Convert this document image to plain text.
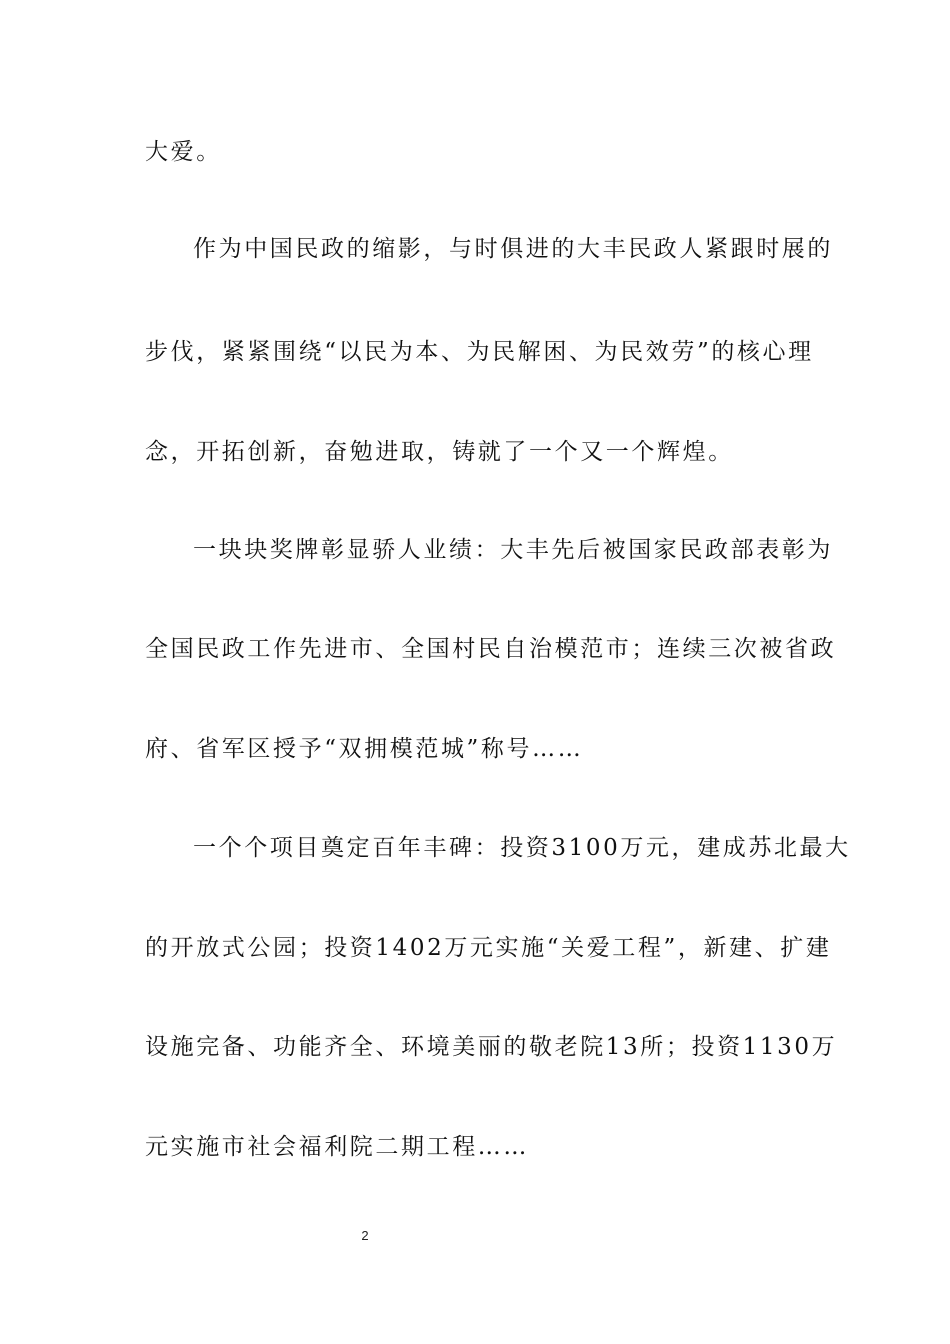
大爱。
作为中国民政的缩影，与时俱进的大丰民政人紧跟时展的
步伐，紧紧围绕“以民为本、为民解困、为民效劳”的核心理
念，开拓创新，奋勉进取，铸就了一个又一个辉煌。
一块块奖牌彰显骄人业绩：大丰先后被国家民政部表彰为
全国民政工作先进市、全国村民自治模范市；连续三次被省政
府、省军区授予“双拥模范城”称号……
一个个项目奠定百年丰碑：投资3100万元，建成苏北最大
的开放式公园；投资1402万元实施“关爱工程”，新建、扩建
设施完备、功能齐全、环境美丽的敬老院13所；投资1130万
元实施市社会福利院二期工程……
2
